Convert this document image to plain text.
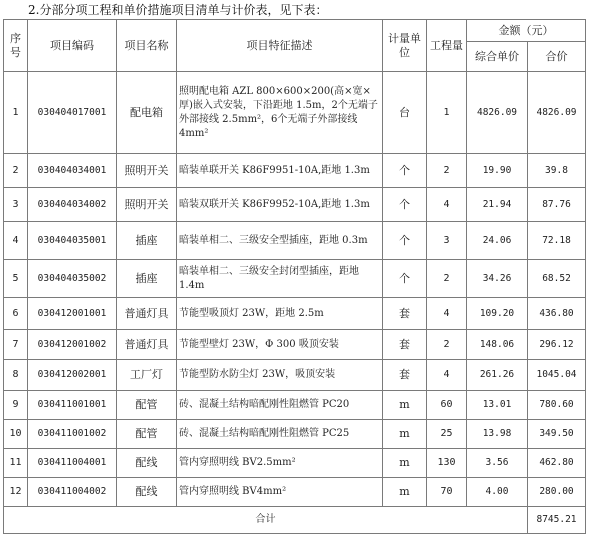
2.分部分项工程和单价措施项目清单与计价表，见下表：
序号	项目编码	项目名称	项目特征描述	计量单位	工程量	金额（元）	
						综合单价	合价
1	030404017001	配电箱	照明配电箱 AZL 800×600×200(高×宽×厚)嵌入式安装，下沿距地 1.5m，2个无端子外部接线 2.5mm²，6个无端子外部接线 4mm²	台	1	4826.09	4826.09
2	030404034001	照明开关	暗装单联开关 K86F9951-10A,距地 1.3m	个	2	19.90	39.8
3	030404034002	照明开关	暗装双联开关 K86F9952-10A,距地 1.3m	个	4	21.94	87.76
4	030404035001	插座	暗装单相二、三级安全型插座，距地 0.3m	个	3	24.06	72.18
5	030404035002	插座	暗装单相二、三级安全封闭型插座，距地 1.4m	个	2	34.26	68.52
6	030412001001	普通灯具	节能型吸顶灯 23W，距地 2.5m	套	4	109.20	436.80
7	030412001002	普通灯具	节能型壁灯 23W，Φ 300 吸顶安装	套	2	148.06	296.12
8	030412002001	工厂灯	节能型防水防尘灯 23W，吸顶安装	套	4	261.26	1045.04
9	030411001001	配管	砖、混凝土结构暗配刚性阻燃管 PC20	m	60	13.01	780.60
10	030411001002	配管	砖、混凝土结构暗配刚性阻燃管 PC25	m	25	13.98	349.50
11	030411004001	配线	管内穿照明线 BV2.5mm²	m	130	3.56	462.80
12	030411004002	配线	管内穿照明线 BV4mm²	m	70	4.00	280.00
合计							8745.21
